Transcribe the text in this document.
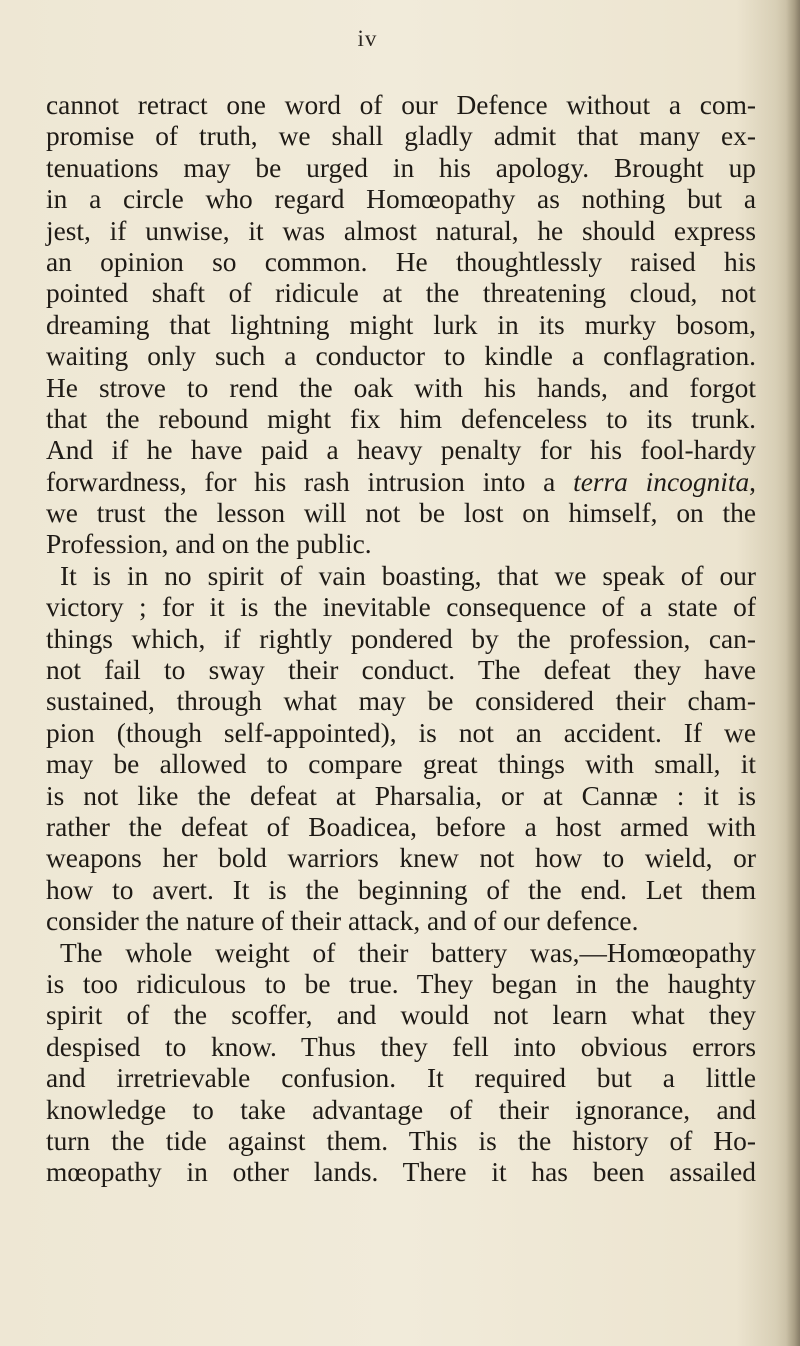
iv
cannot retract one word of our Defence without a com-
promise of truth, we shall gladly admit that many ex-
tenuations may be urged in his apology. Brought up
in a circle who regard Homœopathy as nothing but a
jest, if unwise, it was almost natural, he should express
an opinion so common. He thoughtlessly raised his
pointed shaft of ridicule at the threatening cloud, not
dreaming that lightning might lurk in its murky bosom,
waiting only such a conductor to kindle a conflagration.
He strove to rend the oak with his hands, and forgot
that the rebound might fix him defenceless to its trunk.
And if he have paid a heavy penalty for his fool-hardy
forwardness, for his rash intrusion into a terra incognita,
we trust the lesson will not be lost on himself, on the
Profession, and on the public.
It is in no spirit of vain boasting, that we speak of our
victory ; for it is the inevitable consequence of a state of
things which, if rightly pondered by the profession, can-
not fail to sway their conduct. The defeat they have
sustained, through what may be considered their cham-
pion (though self-appointed), is not an accident. If we
may be allowed to compare great things with small, it
is not like the defeat at Pharsalia, or at Cannæ : it is
rather the defeat of Boadicea, before a host armed with
weapons her bold warriors knew not how to wield, or
how to avert. It is the beginning of the end. Let them
consider the nature of their attack, and of our defence.
The whole weight of their battery was,—Homœopathy
is too ridiculous to be true. They began in the haughty
spirit of the scoffer, and would not learn what they
despised to know. Thus they fell into obvious errors
and irretrievable confusion. It required but a little
knowledge to take advantage of their ignorance, and
turn the tide against them. This is the history of Ho-
mœopathy in other lands. There it has been assailed
